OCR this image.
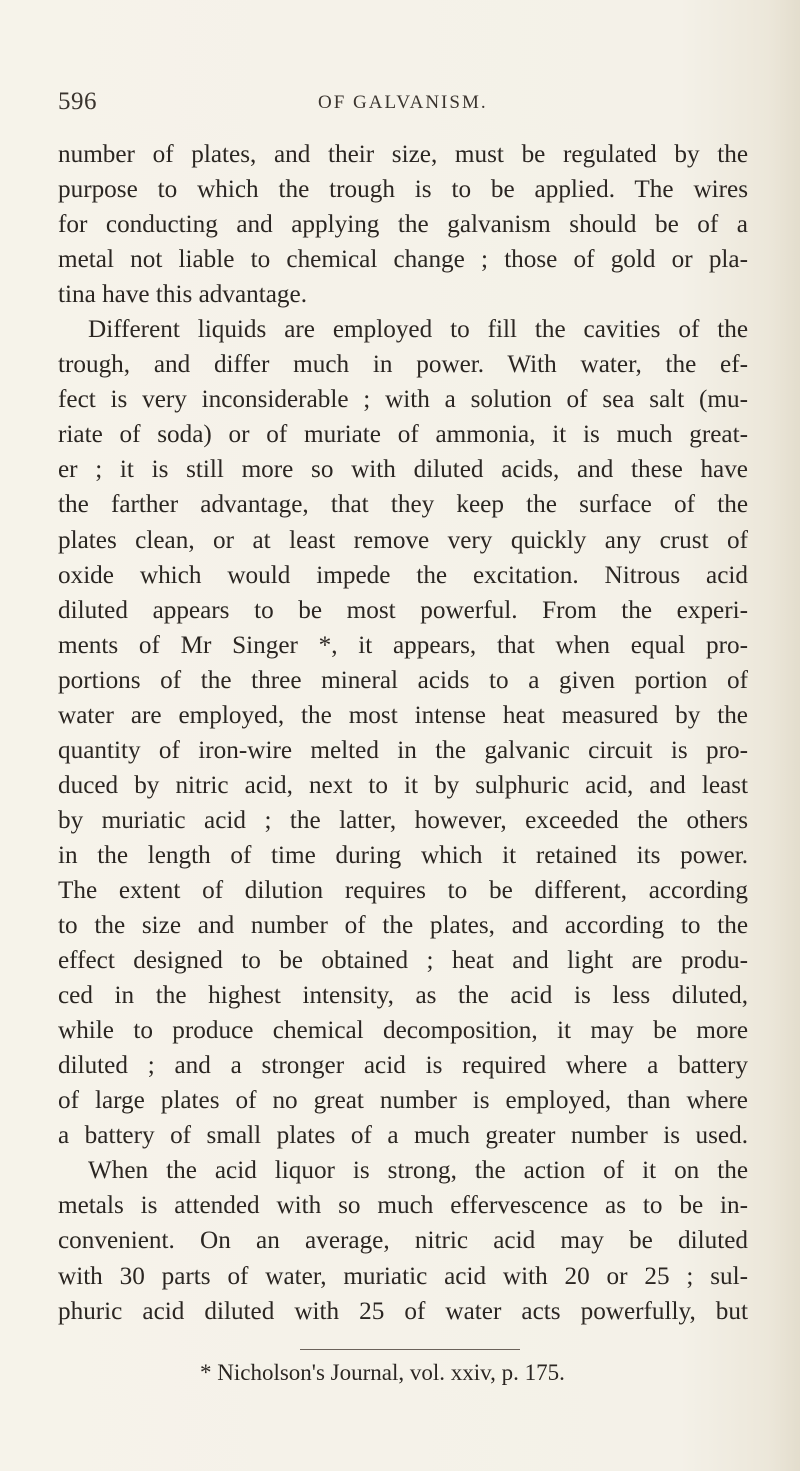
596	OF GALVANISM.
number of plates, and their size, must be regulated by the
purpose to which the trough is to be applied. The wires
for conducting and applying the galvanism should be of a
metal not liable to chemical change ; those of gold or pla-
tina have this advantage.
Different liquids are employed to fill the cavities of the
trough, and differ much in power. With water, the ef-
fect is very inconsiderable ; with a solution of sea salt (mu-
riate of soda) or of muriate of ammonia, it is much great-
er ; it is still more so with diluted acids, and these have
the farther advantage, that they keep the surface of the
plates clean, or at least remove very quickly any crust of
oxide which would impede the excitation. Nitrous acid
diluted appears to be most powerful. From the experi-
ments of Mr Singer *, it appears, that when equal pro-
portions of the three mineral acids to a given portion of
water are employed, the most intense heat measured by the
quantity of iron-wire melted in the galvanic circuit is pro-
duced by nitric acid, next to it by sulphuric acid, and least
by muriatic acid ; the latter, however, exceeded the others
in the length of time during which it retained its power.
The extent of dilution requires to be different, according
to the size and number of the plates, and according to the
effect designed to be obtained ; heat and light are produ-
ced in the highest intensity, as the acid is less diluted,
while to produce chemical decomposition, it may be more
diluted ; and a stronger acid is required where a battery
of large plates of no great number is employed, than where
a battery of small plates of a much greater number is used.
When the acid liquor is strong, the action of it on the
metals is attended with so much effervescence as to be in-
convenient. On an average, nitric acid may be diluted
with 30 parts of water, muriatic acid with 20 or 25 ; sul-
phuric acid diluted with 25 of water acts powerfully, but
* Nicholson's Journal, vol. xxiv, p. 175.
